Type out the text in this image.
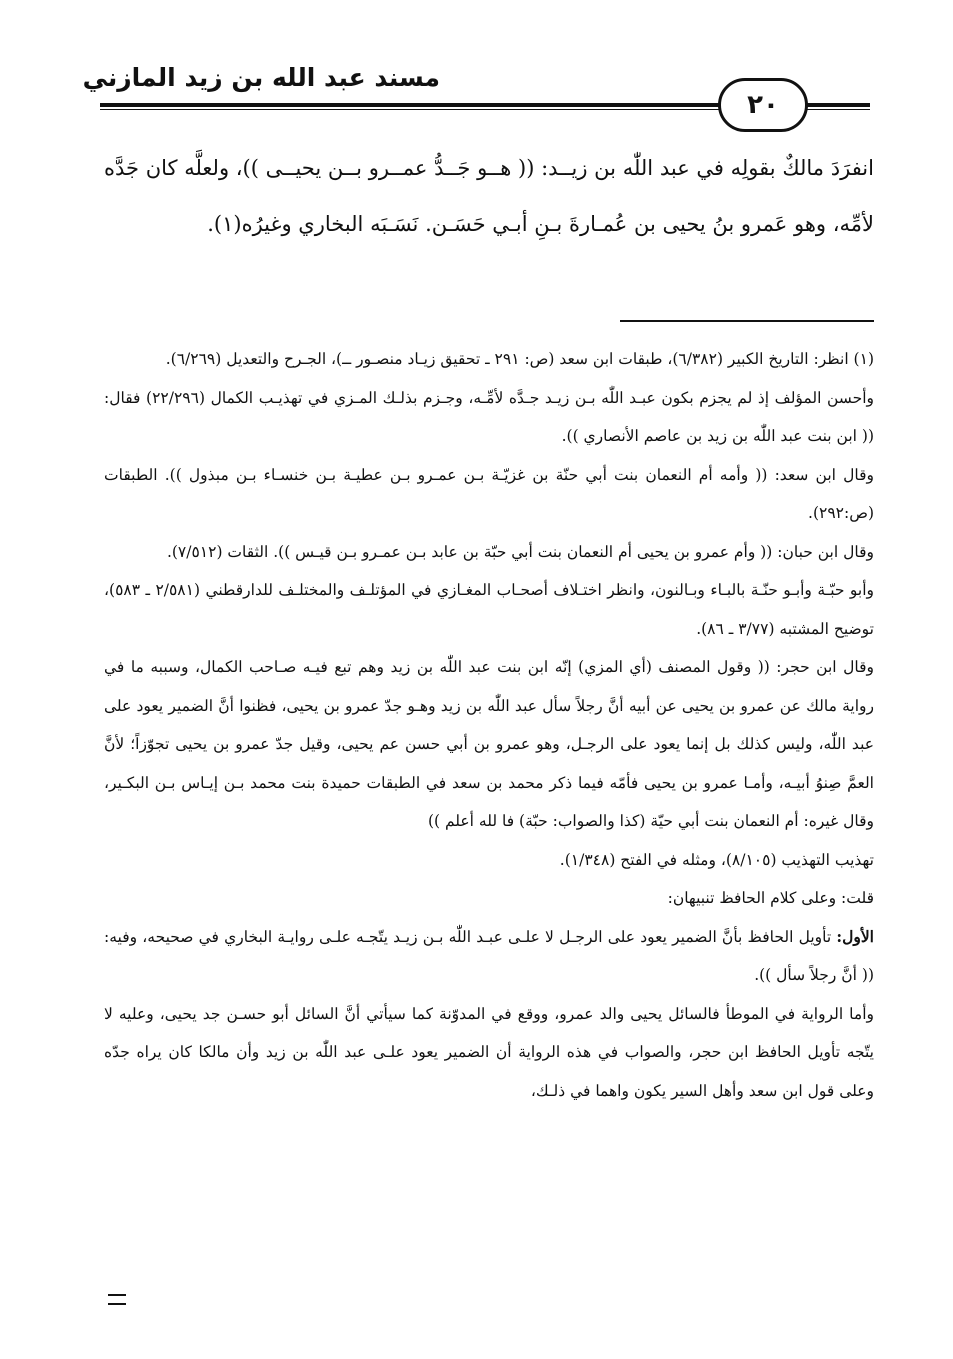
مسند عبد الله بن زيد المازني
٢٠

انفرَدَ مالكٌ بقولِه في عبد اللّٰه بن زيــد: (( هــو جَــدُّ عمــرو بــن يحيــى ))، ولعلَّه كان جَدَّه لأمِّه، وهو عَمرو بنُ يحيى بن عُمـارةَ بـنِ أبـي حَسَـن. نَسَـبَه البخاري وغيرُه(١).

(١) انظر: التاريخ الكبير (٦/٣٨٢)، طبقات ابن سعد (ص: ٢٩١ ـ تحقيق زيـاد منصـور ــ)، الجـرح والتعديل (٦/٢٦٩).

وأحسن المؤلف إذ لم يجزم بكون عبـد اللّٰه بـن زيـد جـدَّه لأمِّـه، وجـزم بذلـك المـزي في تهذيـب الكمال (٢٢/٢٩٦) فقال: (( ابن بنت عبد اللّٰه بن زيد بن عاصم الأنصاري )).

وقال ابن سعد: (( وأمه أم النعمان بنت أبي حنّة بن غزيّـة بـن عمـرو بـن عطيـة بـن خنسـاء بـن مبذول )). الطبقات (ص:٢٩٢).

وقال ابن حبان: (( وأم عمرو بن يحيى أم النعمان بنت أبي حبّة بن عابد بـن عمـرو بـن قيـس )). الثقات (٧/٥١٢).

وأبو حبّـة وأبـو حنّـة بالبـاء وبـالنون، وانظر اختـلاف أصحـاب المغـازي في المؤتلـف والمختلـف للدارقطني (٢/٥٨١ ـ ٥٨٣)، توضيح المشتبه (٣/٧٧ ـ ٨٦).

وقال ابن حجر: (( وقول المصنف (أي المزي) إنّه ابن بنت عبد اللّٰه بن زيد وهم تبع فيـه صـاحب الكمال، وسببه ما في رواية مالك عن عمرو بن يحيى عن أبيه أنَّ رجلاً سأل عبد اللّٰه بن زيد وهـو جدّ عمرو بن يحيى، فظنوا أنَّ الضمير يعود على عبد اللّٰه، وليس كذلك بل إنما يعود على الرجـل، وهو عمرو بن أبي حسن عم يحيى، وقيل جدّ عمرو بن يحيى تجوّزاً؛ لأنَّ العمَّ صِنوُ أبيـه، وأمـا عمرو بن يحيى فأمّه فيما ذكر محمد بن سعد في الطبقات حميدة بنت محمد بـن إيـاس بـن البكـير، وقال غيره: أم النعمان بنت أبي حيّة (كذا والصواب: حبّة) فا لله أعلم ))

تهذيب التهذيب (٨/١٠٥)، ومثله في الفتح (١/٣٤٨).

قلت: وعلى كلام الحافظ تنبيهان:

الأول: تأويل الحافظ بأنَّ الضمير يعود على الرجـل لا علـى عبـد اللّٰه بـن زيـد يتّجـه علـى روايـة البخاري في صحيحه، وفيه: (( أنَّ رجلاً سأل )).

وأما الرواية في الموطأ فالسائل يحيى والد عمرو، ووقع في المدوّنة كما سيأتي أنَّ السائل أبو حسـن جد يحيى، وعليه لا يتّجه تأويل الحافظ ابن حجر، والصواب في هذه الرواية أن الضمير يعود علـى عبد اللّٰه بن زيد وأن مالكا كان يراه جدّه وعلى قول ابن سعد وأهل السير يكون واهما في ذلـك،
